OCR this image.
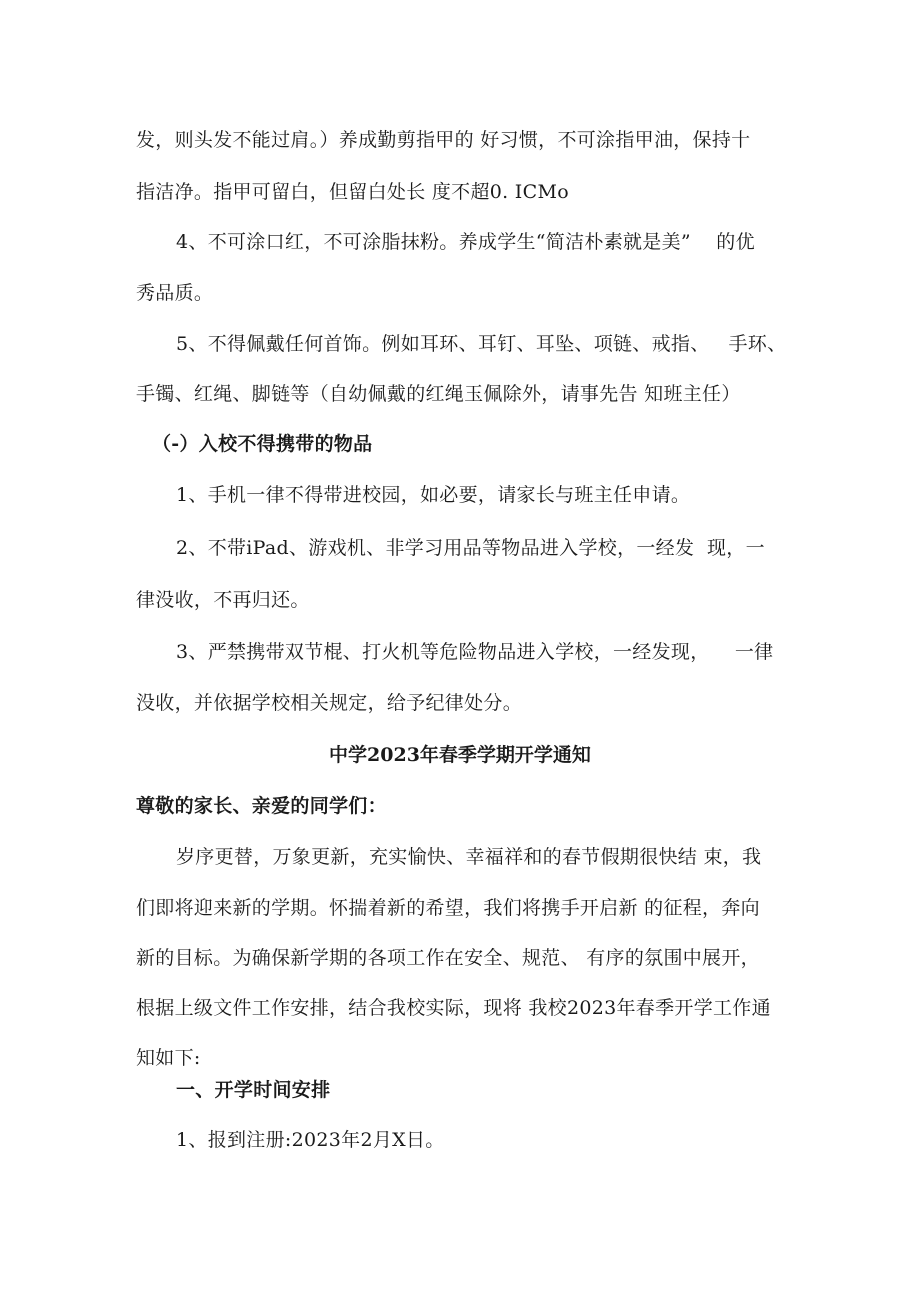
发，则头发不能过肩。）养成勤剪指甲的 好习惯，不可涂指甲油，保持十
指洁净。指甲可留白，但留白处长 度不超0. ICMo
4、不可涂口红，不可涂脂抹粉。养成学生“简洁朴素就是美”    的优
秀品质。
5、不得佩戴任何首饰。例如耳环、耳钉、耳坠、项链、戒指、   手环、
手镯、红绳、脚链等（自幼佩戴的红绳玉佩除外，请事先告 知班主任）
（-）入校不得携带的物品
1、手机一律不得带进校园，如必要，请家长与班主任申请。
2、不带iPad、游戏机、非学习用品等物品进入学校，一经发  现，一
律没收，不再归还。
3、严禁携带双节棍、打火机等危险物品进入学校，一经发现，    一律
没收，并依据学校相关规定，给予纪律处分。
中学2023年春季学期开学通知
尊敬的家长、亲爱的同学们：
岁序更替，万象更新，充实愉快、幸福祥和的春节假期很快结 束，我
们即将迎来新的学期。怀揣着新的希望，我们将携手开启新 的征程，奔向
新的目标。为确保新学期的各项工作在安全、规范、 有序的氛围中展开，
根据上级文件工作安排，结合我校实际，现将 我校2023年春季开学工作通
知如下:
一、开学时间安排
1、报到注册:2023年2月X日。
